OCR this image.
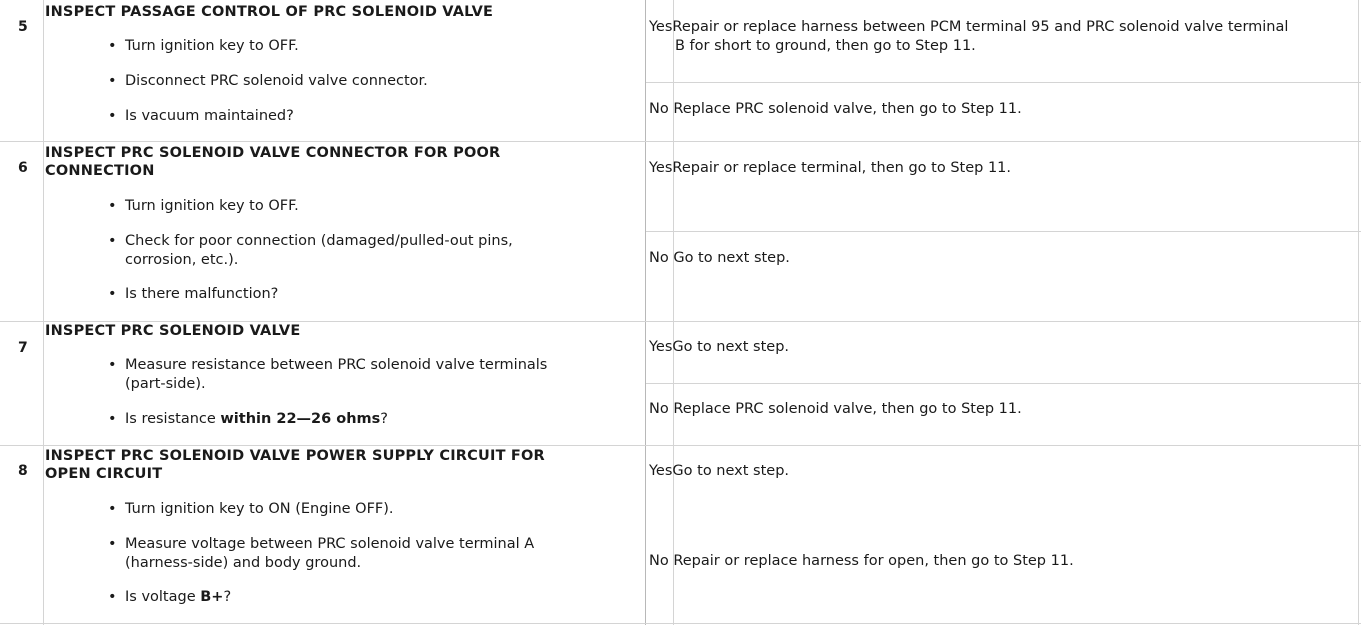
5
INSPECT PASSAGE CONTROL OF PRC SOLENOID VALVE
• Turn ignition key to OFF.
• Disconnect PRC solenoid valve connector.
• Is vacuum maintained?
YesRepair or replace harness between PCM terminal 95 and PRC solenoid valve terminal
B for short to ground, then go to Step 11.
No Replace PRC solenoid valve, then go to Step 11.
6
INSPECT PRC SOLENOID VALVE CONNECTOR FOR POOR
CONNECTION
• Turn ignition key to OFF.
• Check for poor connection (damaged/pulled-out pins,
corrosion, etc.).
• Is there malfunction?
YesRepair or replace terminal, then go to Step 11.
No Go to next step.
7
INSPECT PRC SOLENOID VALVE
• Measure resistance between PRC solenoid valve terminals
(part-side).
• Is resistance within 22—26 ohms?
YesGo to next step.
No Replace PRC solenoid valve, then go to Step 11.
8
INSPECT PRC SOLENOID VALVE POWER SUPPLY CIRCUIT FOR
OPEN CIRCUIT
• Turn ignition key to ON (Engine OFF).
• Measure voltage between PRC solenoid valve terminal A
(harness-side) and body ground.
• Is voltage B+?
YesGo to next step.
No Repair or replace harness for open, then go to Step 11.
